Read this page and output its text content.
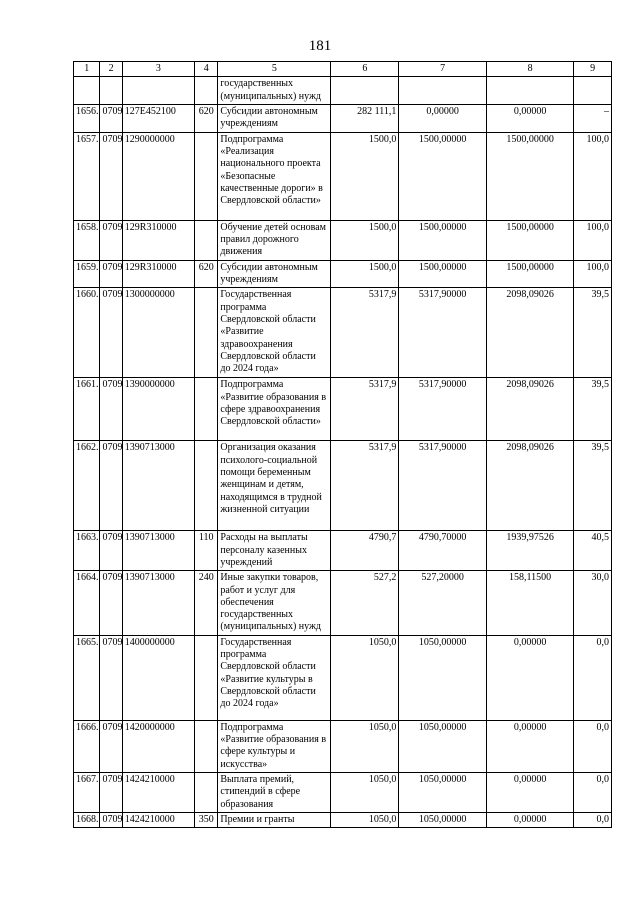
181
1	2	3	4	5	6	7	8	9
				государственных (муниципальных) нужд				
1656.	0709	127E452100	620	Субсидии автономным учреждениям	282 111,1	0,00000	0,00000	–
1657.	0709	1290000000		Подпрограмма «Реализация национального проекта «Безопасные качественные дороги» в Свердловской области»	1500,0	1500,00000	1500,00000	100,0
1658.	0709	129R310000		Обучение детей основам правил дорожного движения	1500,0	1500,00000	1500,00000	100,0
1659.	0709	129R310000	620	Субсидии автономным учреждениям	1500,0	1500,00000	1500,00000	100,0
1660.	0709	1300000000		Государственная программа Свердловской области «Развитие здравоохранения Свердловской области до 2024 года»	5317,9	5317,90000	2098,09026	39,5
1661.	0709	1390000000		Подпрограмма «Развитие образования в сфере здравоохранения Свердловской области»	5317,9	5317,90000	2098,09026	39,5
1662.	0709	1390713000		Организация оказания психолого-социальной помощи беременным женщинам и детям, находящимся в трудной жизненной ситуации	5317,9	5317,90000	2098,09026	39,5
1663.	0709	1390713000	110	Расходы на выплаты персоналу казенных учреждений	4790,7	4790,70000	1939,97526	40,5
1664.	0709	1390713000	240	Иные закупки товаров, работ и услуг для обеспечения государственных (муниципальных) нужд	527,2	527,20000	158,11500	30,0
1665.	0709	1400000000		Государственная программа Свердловской области «Развитие культуры в Свердловской области до 2024 года»	1050,0	1050,00000	0,00000	0,0
1666.	0709	1420000000		Подпрограмма «Развитие образования в сфере культуры и искусства»	1050,0	1050,00000	0,00000	0,0
1667.	0709	1424210000		Выплата премий, стипендий в сфере образования	1050,0	1050,00000	0,00000	0,0
1668.	0709	1424210000	350	Премии и гранты	1050,0	1050,00000	0,00000	0,0
